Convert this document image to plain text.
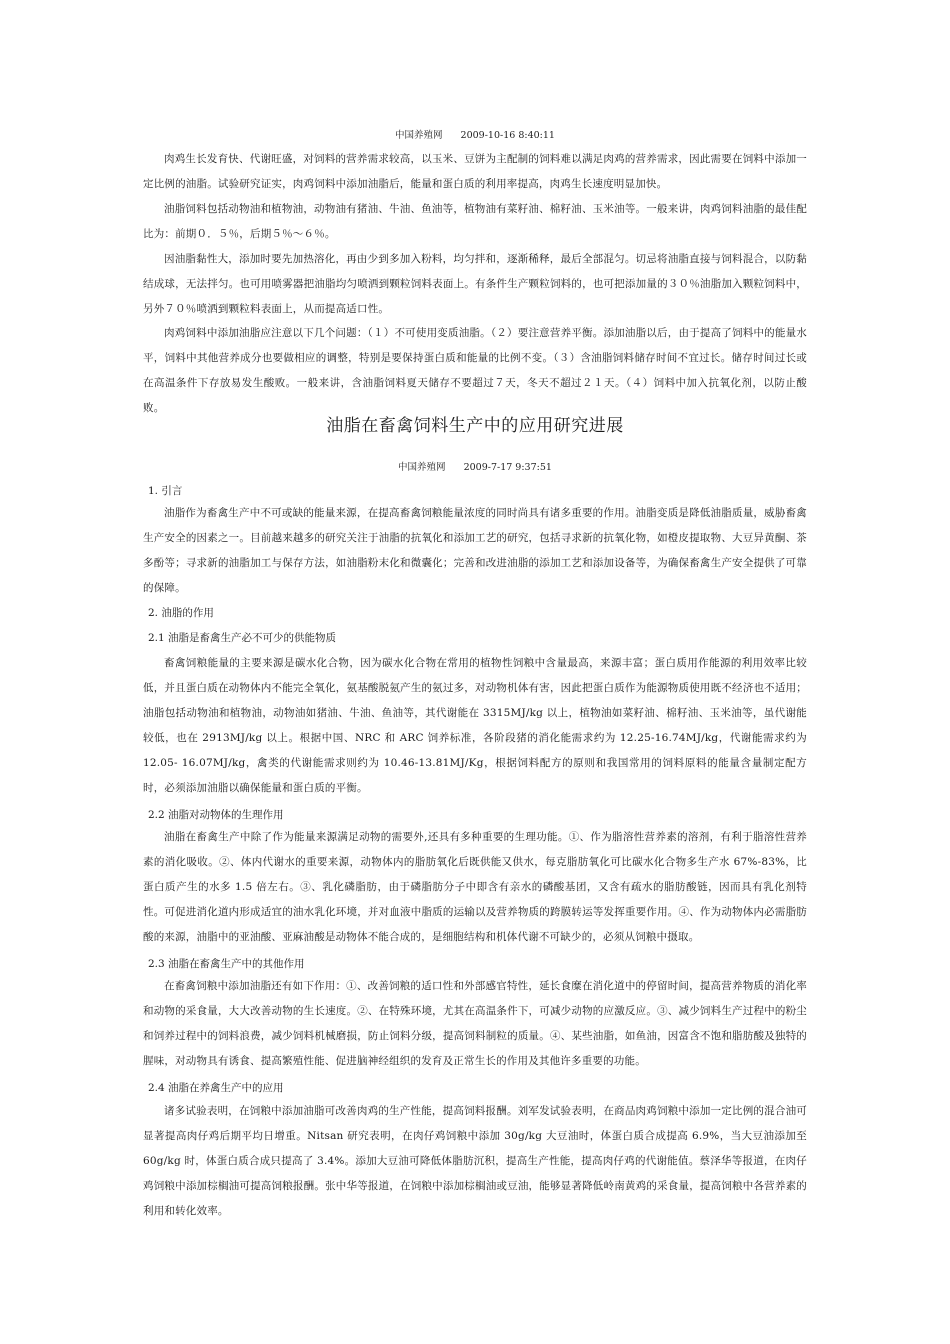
中国养殖网 2009-10-16 8:40:11

肉鸡生长发育快、代谢旺盛，对饲料的营养需求较高，以玉米、豆饼为主配制的饲料难以满足肉鸡的营养需求，因此需要在饲料中添加一定比例的油脂。试验研究证实，肉鸡饲料中添加油脂后，能量和蛋白质的利用率提高，肉鸡生长速度明显加快。

油脂饲料包括动物油和植物油，动物油有猪油、牛油、鱼油等，植物油有菜籽油、棉籽油、玉米油等。一般来讲，肉鸡饲料油脂的最佳配比为：前期０．５％，后期５％～６％。

因油脂黏性大，添加时要先加热溶化，再由少到多加入粉料，均匀拌和，逐渐稀释，最后全部混匀。切忌将油脂直接与饲料混合，以防黏结成球，无法拌匀。也可用喷雾器把油脂均匀喷洒到颗粒饲料表面上。有条件生产颗粒饲料的，也可把添加量的３０％油脂加入颗粒饲料中，另外７０％喷洒到颗粒料表面上，从而提高适口性。

肉鸡饲料中添加油脂应注意以下几个问题：（１）不可使用变质油脂。（２）要注意营养平衡。添加油脂以后，由于提高了饲料中的能量水平，饲料中其他营养成分也要做相应的调整，特别是要保持蛋白质和能量的比例不变。（３）含油脂饲料储存时间不宜过长。储存时间过长或在高温条件下存放易发生酸败。一般来讲，含油脂饲料夏天储存不要超过７天，冬天不超过２１天。（４）饲料中加入抗氧化剂，以防止酸败。

油脂在畜禽饲料生产中的应用研究进展
中国养殖网 2009-7-17 9:37:51

1. 引言

油脂作为畜禽生产中不可或缺的能量来源，在提高畜禽饲粮能量浓度的同时尚具有诸多重要的作用。油脂变质是降低油脂质量，威胁畜禽生产安全的因素之一。目前越来越多的研究关注于油脂的抗氧化和添加工艺的研究，包括寻求新的抗氧化物，如橙皮提取物、大豆异黄酮、茶多酚等；寻求新的油脂加工与保存方法，如油脂粉末化和微囊化；完善和改进油脂的添加工艺和添加设备等，为确保畜禽生产安全提供了可靠的保障。

2. 油脂的作用

2.1 油脂是畜禽生产必不可少的供能物质

畜禽饲粮能量的主要来源是碳水化合物，因为碳水化合物在常用的植物性饲粮中含量最高，来源丰富；蛋白质用作能源的利用效率比较低，并且蛋白质在动物体内不能完全氧化，氨基酸脱氨产生的氨过多，对动物机体有害，因此把蛋白质作为能源物质使用既不经济也不适用；油脂包括动物油和植物油，动物油如猪油、牛油、鱼油等，其代谢能在 3315MJ/kg 以上，植物油如菜籽油、棉籽油、玉米油等，虽代谢能较低，也在 2913MJ/kg 以上。根据中国、NRC 和 ARC 饲养标准，各阶段猪的消化能需求约为 12.25-16.74MJ/kg，代谢能需求约为 12.05- 16.07MJ/kg，禽类的代谢能需求则约为 10.46-13.81MJ/Kg，根据饲料配方的原则和我国常用的饲料原料的能量含量制定配方时，必须添加油脂以确保能量和蛋白质的平衡。

2.2 油脂对动物体的生理作用

油脂在畜禽生产中除了作为能量来源满足动物的需要外,还具有多种重要的生理功能。①、作为脂溶性营养素的溶剂，有利于脂溶性营养素的消化吸收。②、体内代谢水的重要来源，动物体内的脂肪氧化后既供能又供水，每克脂肪氧化可比碳水化合物多生产水 67%-83%，比蛋白质产生的水多 1.5 倍左右。③、乳化磷脂肪，由于磷脂肪分子中即含有亲水的磷酸基团，又含有疏水的脂肪酸链，因而具有乳化剂特性。可促进消化道内形成适宜的油水乳化环境，并对血液中脂质的运输以及营养物质的跨膜转运等发挥重要作用。④、作为动物体内必需脂肪酸的来源，油脂中的亚油酸、亚麻油酸是动物体不能合成的，是细胞结构和机体代谢不可缺少的，必须从饲粮中摄取。

2.3 油脂在畜禽生产中的其他作用

在畜禽饲粮中添加油脂还有如下作用：①、改善饲粮的适口性和外部感官特性，延长食糜在消化道中的停留时间，提高营养物质的消化率和动物的采食量，大大改善动物的生长速度。②、在特殊环境，尤其在高温条件下，可减少动物的应激反应。③、减少饲料生产过程中的粉尘和饲养过程中的饲料浪费，减少饲料机械磨损，防止饲料分级，提高饲料制粒的质量。④、某些油脂，如鱼油，因富含不饱和脂肪酸及独特的腥味，对动物具有诱食、提高繁殖性能、促进脑神经组织的发育及正常生长的作用及其他许多重要的功能。

2.4 油脂在养禽生产中的应用

诸多试验表明，在饲粮中添加油脂可改善肉鸡的生产性能，提高饲料报酬。刘军发试验表明，在商品肉鸡饲粮中添加一定比例的混合油可显著提高肉仔鸡后期平均日增重。Nitsan 研究表明，在肉仔鸡饲粮中添加 30g/kg 大豆油时，体蛋白质合成提高 6.9%，当大豆油添加至 60g/kg 时，体蛋白质合成只提高了 3.4%。添加大豆油可降低体脂肪沉积，提高生产性能，提高肉仔鸡的代谢能值。蔡泽华等报道，在肉仔鸡饲粮中添加棕榈油可提高饲粮报酬。张中华等报道，在饲粮中添加棕榈油或豆油，能够显著降低岭南黄鸡的采食量，提高饲粮中各营养素的利用和转化效率。
